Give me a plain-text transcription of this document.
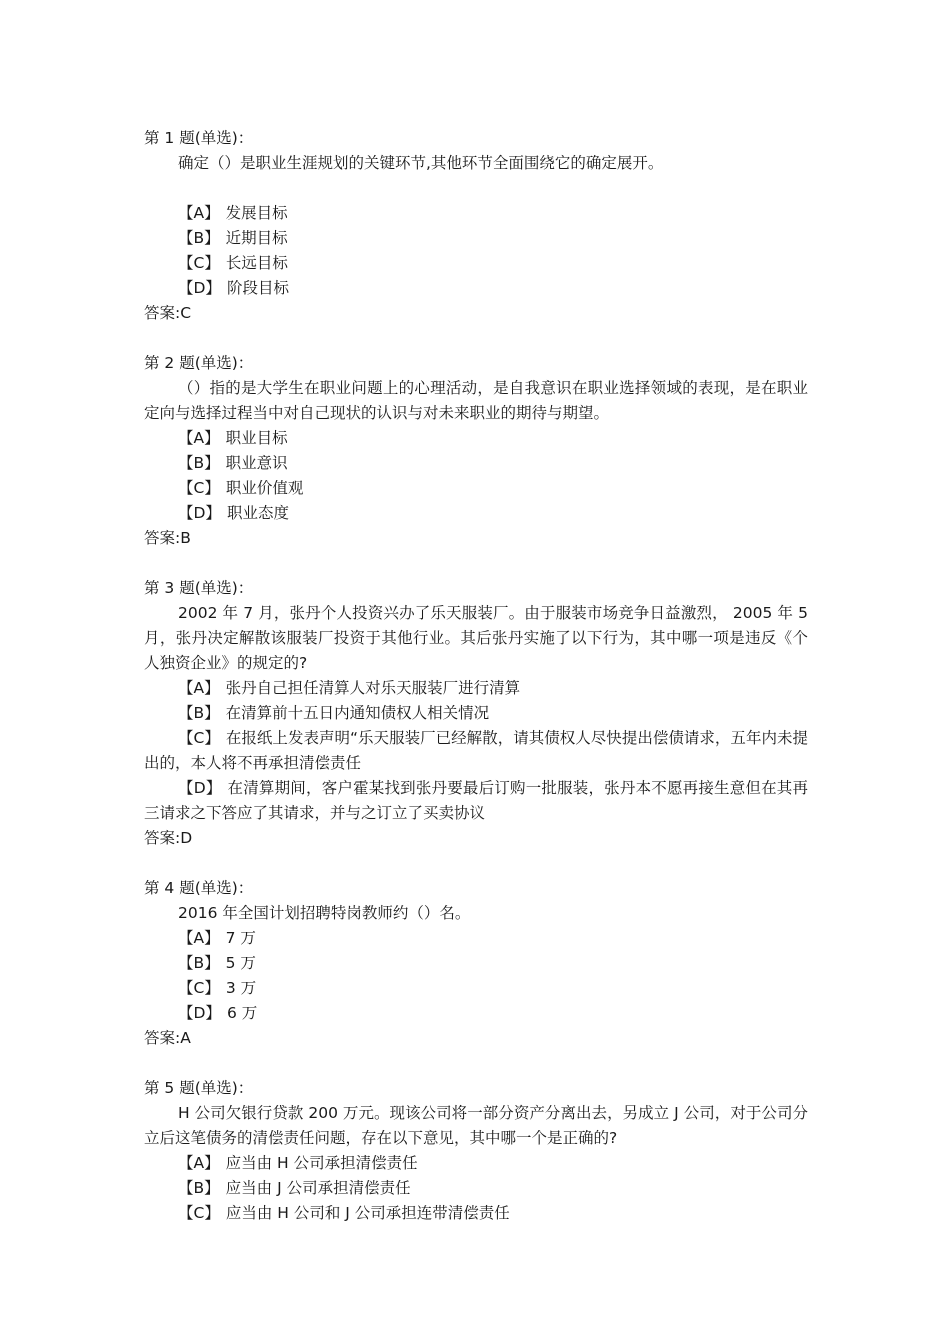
第 1 题(单选)：
确定（）是职业生涯规划的关键环节,其他环节全面围绕它的确定展开。
【A】 发展目标
【B】 近期目标
【C】 长远目标
【D】 阶段目标
答案:C
第 2 题(单选)：
（）指的是大学生在职业问题上的心理活动，是自我意识在职业选择领域的表现，是在职业定向与选择过程当中对自己现状的认识与对未来职业的期待与期望。
【A】 职业目标
【B】 职业意识
【C】 职业价值观
【D】 职业态度
答案:B
第 3 题(单选)：
2002 年 7 月，张丹个人投资兴办了乐天服装厂。由于服装市场竞争日益激烈， 2005 年 5 月，张丹决定解散该服装厂投资于其他行业。其后张丹实施了以下行为，其中哪一项是违反《个人独资企业》的规定的?
【A】 张丹自己担任清算人对乐天服装厂进行清算
【B】 在清算前十五日内通知债权人相关情况
【C】 在报纸上发表声明“乐天服装厂已经解散，请其债权人尽快提出偿债请求，五年内未提出的，本人将不再承担清偿责任
【D】 在清算期间，客户霍某找到张丹要最后订购一批服装，张丹本不愿再接生意但在其再三请求之下答应了其请求，并与之订立了买卖协议
答案:D
第 4 题(单选)：
2016 年全国计划招聘特岗教师约（）名。
【A】 7 万
【B】 5 万
【C】 3 万
【D】 6 万
答案:A
第 5 题(单选)：
H 公司欠银行贷款 200 万元。现该公司将一部分资产分离出去，另成立 J 公司，对于公司分立后这笔债务的清偿责任问题，存在以下意见，其中哪一个是正确的?
【A】 应当由 H 公司承担清偿责任
【B】 应当由 J 公司承担清偿责任
【C】 应当由 H 公司和 J 公司承担连带清偿责任
